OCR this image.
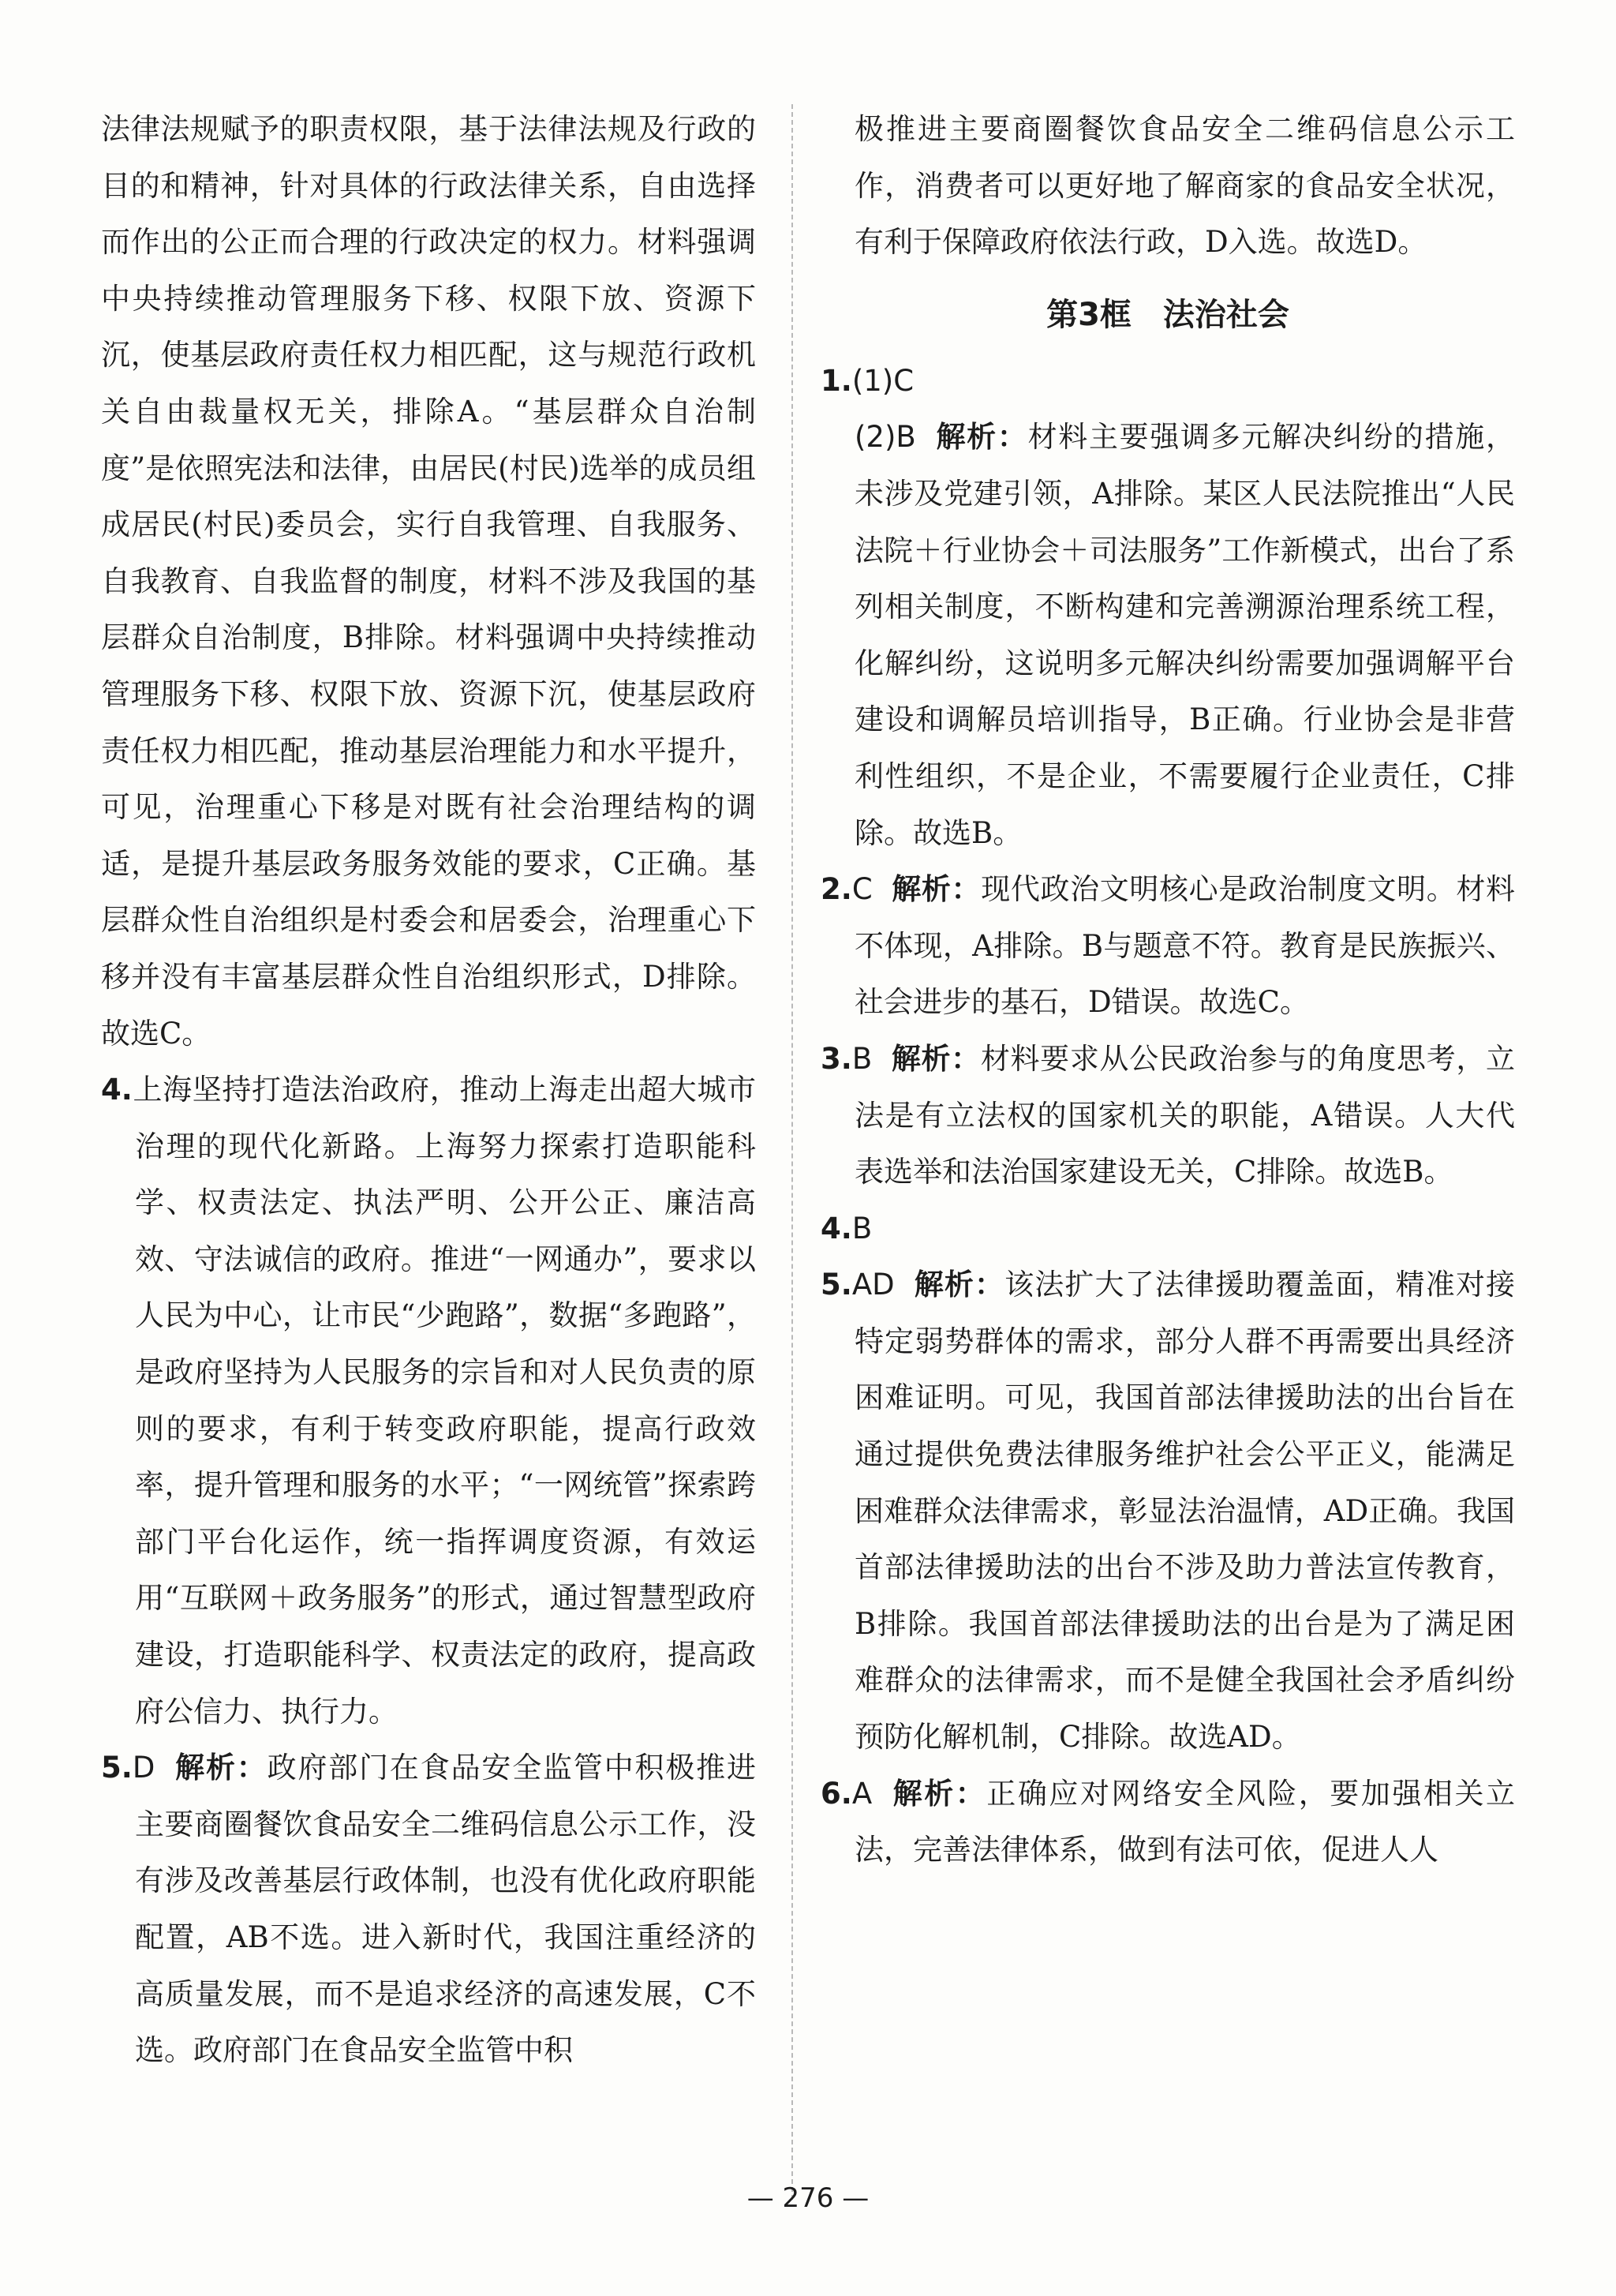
法律法规赋予的职责权限，基于法律法规及行政的目的和精神，针对具体的行政法律关系，自由选择而作出的公正而合理的行政决定的权力。材料强调中央持续推动管理服务下移、权限下放、资源下沉，使基层政府责任权力相匹配，这与规范行政机关自由裁量权无关，排除A。“基层群众自治制度”是依照宪法和法律，由居民(村民)选举的成员组成居民(村民)委员会，实行自我管理、自我服务、自我教育、自我监督的制度，材料不涉及我国的基层群众自治制度，B排除。材料强调中央持续推动管理服务下移、权限下放、资源下沉，使基层政府责任权力相匹配，推动基层治理能力和水平提升，可见，治理重心下移是对既有社会治理结构的调适，是提升基层政务服务效能的要求，C正确。基层群众性自治组织是村委会和居委会，治理重心下移并没有丰富基层群众性自治组织形式，D排除。故选C。

4.上海坚持打造法治政府，推动上海走出超大城市治理的现代化新路。上海努力探索打造职能科学、权责法定、执法严明、公开公正、廉洁高效、守法诚信的政府。推进“一网通办”，要求以人民为中心，让市民“少跑路”，数据“多跑路”，是政府坚持为人民服务的宗旨和对人民负责的原则的要求，有利于转变政府职能，提高行政效率，提升管理和服务的水平；“一网统管”探索跨部门平台化运作，统一指挥调度资源，有效运用“互联网＋政务服务”的形式，通过智慧型政府建设，打造职能科学、权责法定的政府，提高政府公信力、执行力。

5.D 解析：政府部门在食品安全监管中积极推进主要商圈餐饮食品安全二维码信息公示工作，没有涉及改善基层行政体制，也没有优化政府职能配置，AB不选。进入新时代，我国注重经济的高质量发展，而不是追求经济的高速发展，C不选。政府部门在食品安全监管中积

极推进主要商圈餐饮食品安全二维码信息公示工作，消费者可以更好地了解商家的食品安全状况，有利于保障政府依法行政，D入选。故选D。

第3框　法治社会

1.(1)C

(2)B 解析：材料主要强调多元解决纠纷的措施，未涉及党建引领，A排除。某区人民法院推出“人民法院＋行业协会＋司法服务”工作新模式，出台了系列相关制度，不断构建和完善溯源治理系统工程，化解纠纷，这说明多元解决纠纷需要加强调解平台建设和调解员培训指导，B正确。行业协会是非营利性组织，不是企业，不需要履行企业责任，C排除。故选B。

2.C 解析：现代政治文明核心是政治制度文明。材料不体现，A排除。B与题意不符。教育是民族振兴、社会进步的基石，D错误。故选C。

3.B 解析：材料要求从公民政治参与的角度思考，立法是有立法权的国家机关的职能，A错误。人大代表选举和法治国家建设无关，C排除。故选B。

4.B

5.AD 解析：该法扩大了法律援助覆盖面，精准对接特定弱势群体的需求，部分人群不再需要出具经济困难证明。可见，我国首部法律援助法的出台旨在通过提供免费法律服务维护社会公平正义，能满足困难群众法律需求，彰显法治温情，AD正确。我国首部法律援助法的出台不涉及助力普法宣传教育，B排除。我国首部法律援助法的出台是为了满足困难群众的法律需求，而不是健全我国社会矛盾纠纷预防化解机制，C排除。故选AD。

6.A 解析：正确应对网络安全风险，要加强相关立法，完善法律体系，做到有法可依，促进人人

— 276 —
